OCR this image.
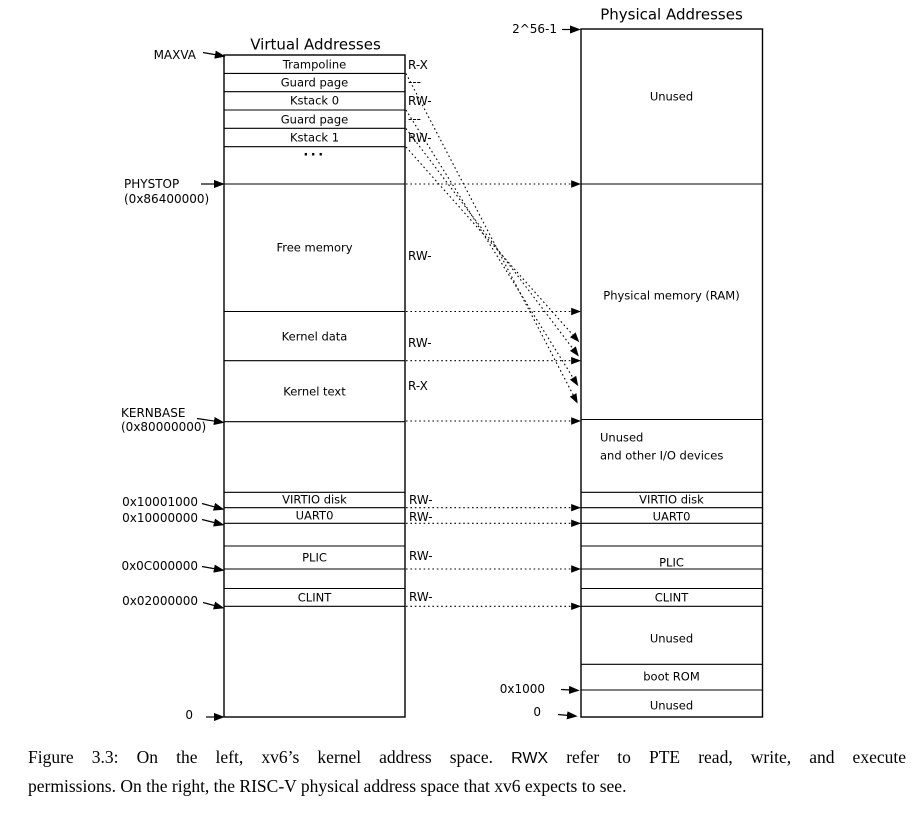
Virtual Addresses
Physical Addresses
Trampoline
Guard page
Kstack 0
Guard page
Kstack 1
...
Free memory
Kernel data
Kernel text
VIRTIO disk
UART0
PLIC
CLINT
R-X
---
RW-
---
RW-
RW-
RW-
R-X
RW-
RW-
RW-
RW-
Unused
Physical memory (RAM)
Unused
and other I/O devices
VIRTIO disk
UART0
PLIC
CLINT
Unused
boot ROM
Unused
MAXVA
PHYSTOP
(0x86400000)
KERNBASE
(0x80000000)
0x10001000
0x10000000
0x0C000000
0x02000000
0
2^56-1
0x1000
0
Figure 3.3: On the left, xv6’s kernel address space. RWX refer to PTE read, write, and execute
permissions. On the right, the RISC-V physical address space that xv6 expects to see.
